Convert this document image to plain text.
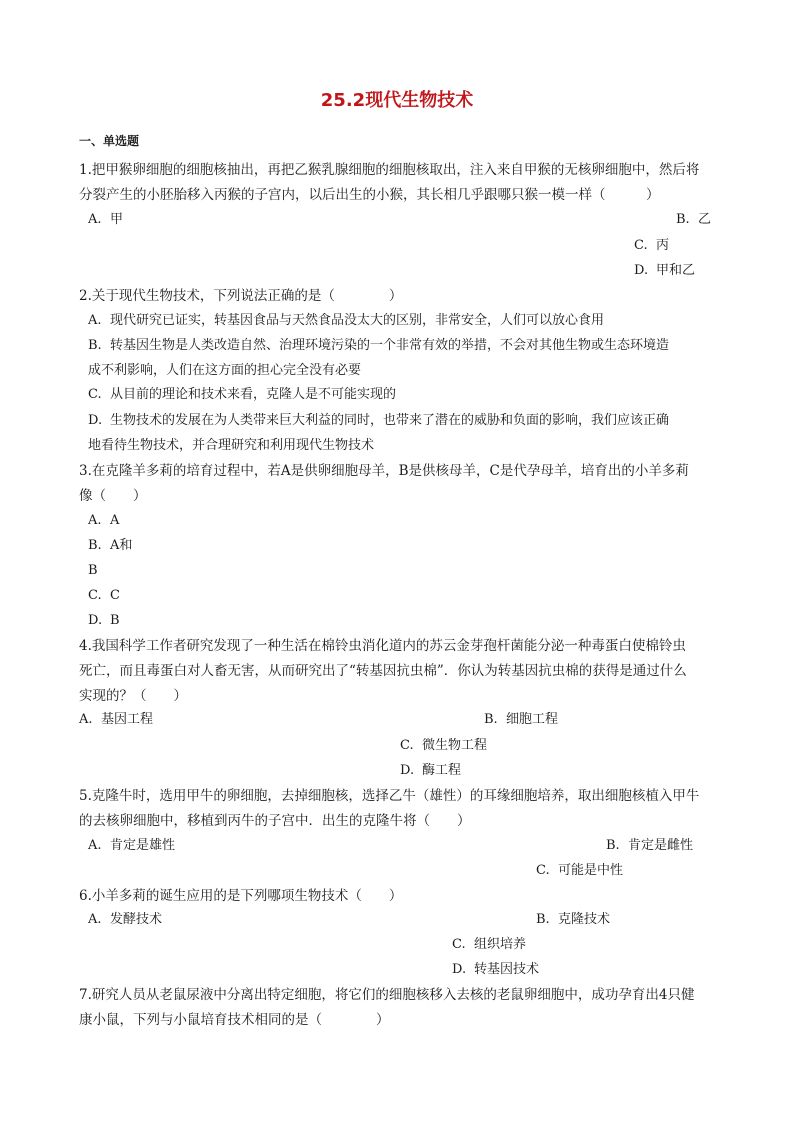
25.2现代生物技术
一、单选题
1.把甲猴卵细胞的细胞核抽出，再把乙猴乳腺细胞的细胞核取出，注入来自甲猴的无核卵细胞中，然后将
分裂产生的小胚胎移入丙猴的子宫内，以后出生的小猴，其长相几乎跟哪只猴一模一样（　　　）
A. 甲	B. 乙
C. 丙
D. 甲和乙
2.关于现代生物技术，下列说法正确的是（　　　　）
A. 现代研究已证实，转基因食品与天然食品没太大的区别，非常安全，人们可以放心食用
B. 转基因生物是人类改造自然、治理环境污染的一个非常有效的举措，不会对其他生物或生态环境造
成不利影响，人们在这方面的担心完全没有必要
C. 从目前的理论和技术来看，克隆人是不可能实现的
D. 生物技术的发展在为人类带来巨大利益的同时，也带来了潜在的威胁和负面的影响，我们应该正确
地看待生物技术，并合理研究和利用现代生物技术
3.在克隆羊多莉的培育过程中，若A是供卵细胞母羊，B是供核母羊，C是代孕母羊，培育出的小羊多莉
像（　　）
A. A
B. A和
B
C. C
D. B
4.我国科学工作者研究发现了一种生活在棉铃虫消化道内的苏云金芽孢杆菌能分泌一种毒蛋白使棉铃虫
死亡，而且毒蛋白对人畜无害，从而研究出了“转基因抗虫棉”．你认为转基因抗虫棉的获得是通过什么
实现的？（　　）
A. 基因工程	B. 细胞工程
C. 微生物工程
D. 酶工程
5.克隆牛时，选用甲牛的卵细胞，去掉细胞核，选择乙牛（雄性）的耳缘细胞培养，取出细胞核植入甲牛
的去核卵细胞中，移植到丙牛的子宫中．出生的克隆牛将（　　）
A. 肯定是雄性	B. 肯定是雌性
C. 可能是中性
6.小羊多莉的诞生应用的是下列哪项生物技术（　　）
A. 发酵技术	B. 克隆技术
C. 组织培养
D. 转基因技术
7.研究人员从老鼠尿液中分离出特定细胞，将它们的细胞核移入去核的老鼠卵细胞中，成功孕育出4只健
康小鼠，下列与小鼠培育技术相同的是（　　　　）
